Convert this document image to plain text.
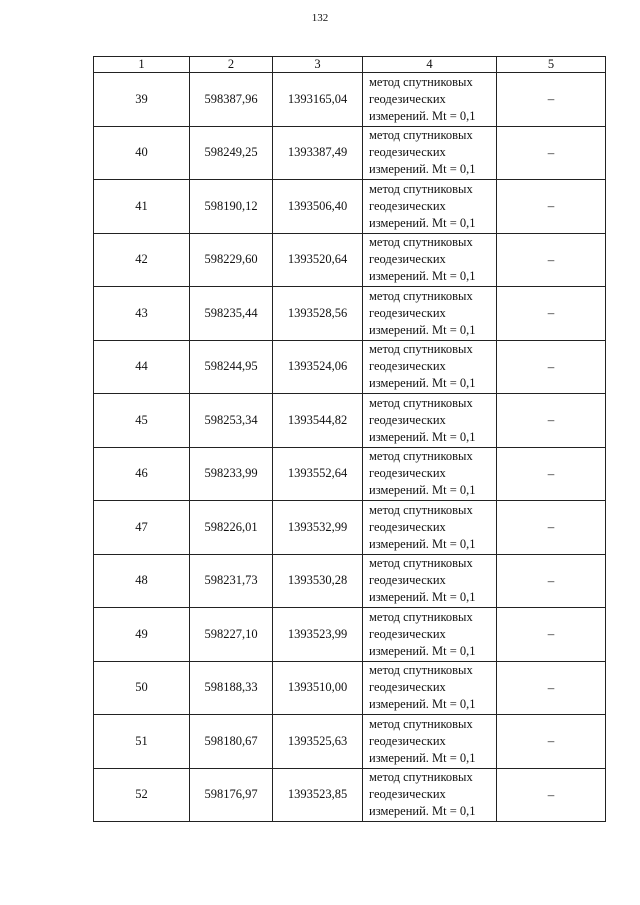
132
1	2	3	4	5
39	598387,96	1393165,04	метод спутниковых
геодезических
измерений. Mt = 0,1	–
40	598249,25	1393387,49	метод спутниковых
геодезических
измерений. Mt = 0,1	–
41	598190,12	1393506,40	метод спутниковых
геодезических
измерений. Mt = 0,1	–
42	598229,60	1393520,64	метод спутниковых
геодезических
измерений. Mt = 0,1	–
43	598235,44	1393528,56	метод спутниковых
геодезических
измерений. Mt = 0,1	–
44	598244,95	1393524,06	метод спутниковых
геодезических
измерений. Mt = 0,1	–
45	598253,34	1393544,82	метод спутниковых
геодезических
измерений. Mt = 0,1	–
46	598233,99	1393552,64	метод спутниковых
геодезических
измерений. Mt = 0,1	–
47	598226,01	1393532,99	метод спутниковых
геодезических
измерений. Mt = 0,1	–
48	598231,73	1393530,28	метод спутниковых
геодезических
измерений. Mt = 0,1	–
49	598227,10	1393523,99	метод спутниковых
геодезических
измерений. Mt = 0,1	–
50	598188,33	1393510,00	метод спутниковых
геодезических
измерений. Mt = 0,1	–
51	598180,67	1393525,63	метод спутниковых
геодезических
измерений. Mt = 0,1	–
52	598176,97	1393523,85	метод спутниковых
геодезических
измерений. Mt = 0,1	–
